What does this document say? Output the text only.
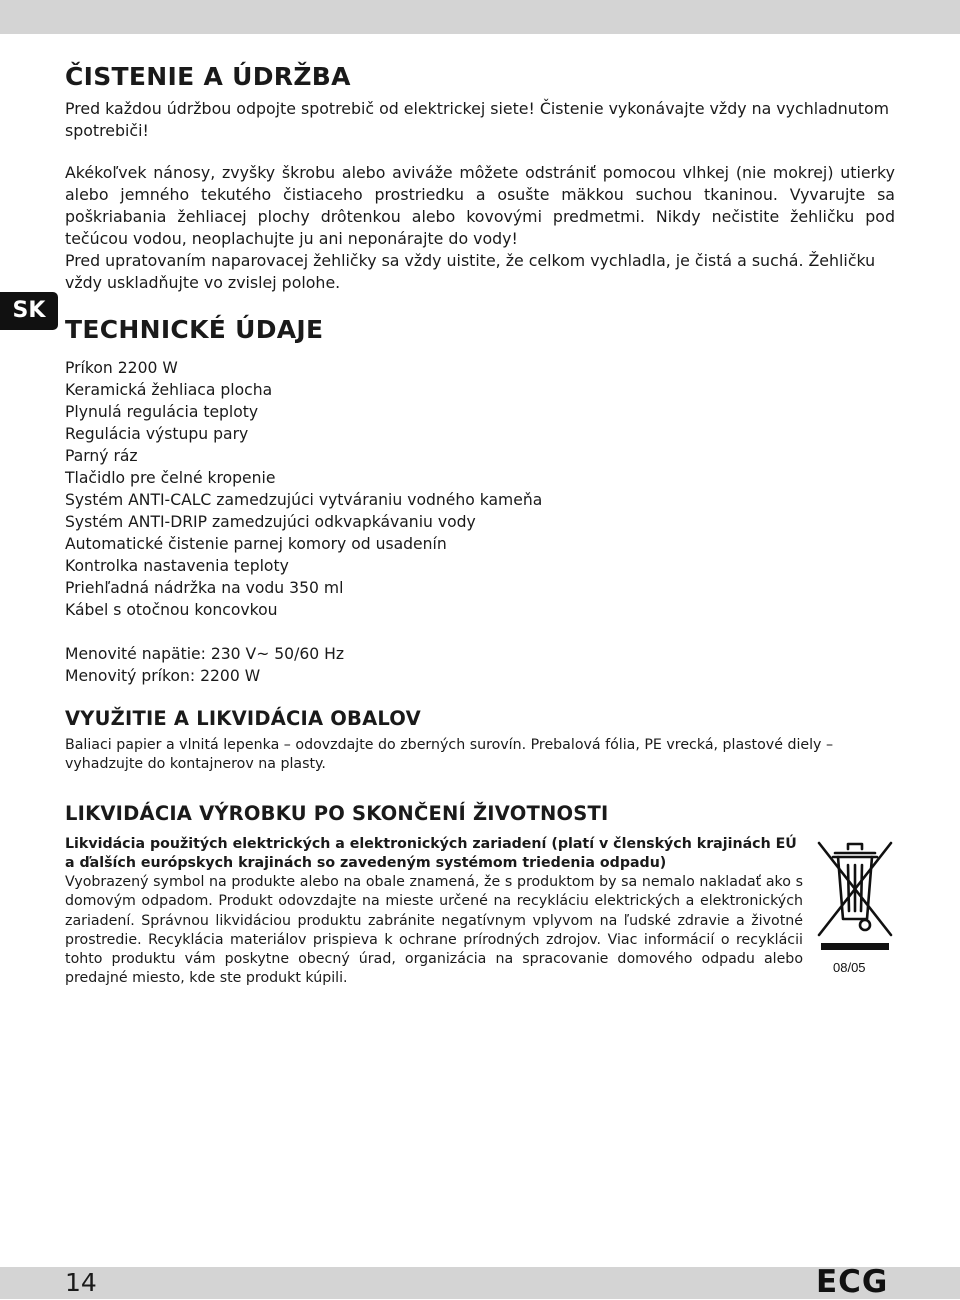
SK
ČISTENIE A ÚDRŽBA

Pred každou údržbou odpojte spotrebič od elektrickej siete! Čistenie vykonávajte vždy na vychladnutom spotrebiči!

Akékoľvek nánosy, zvyšky škrobu alebo aviváže môžete odstrániť pomocou vlhkej (nie mokrej) utierky alebo jemného tekutého čistiaceho prostriedku a osušte mäkkou suchou tkaninou. Vyvarujte sa poškriabania žehliacej plochy drôtenkou alebo kovovými predmetmi. Nikdy nečistite žehličku pod tečúcou vodou, neoplachujte ju ani neponárajte do vody!

Pred upratovaním naparovacej žehličky sa vždy uistite, že celkom vychladla, je čistá a suchá. Žehličku vždy uskladňujte vo zvislej polohe.

TECHNICKÉ ÚDAJE
Príkon 2200 W
Keramická žehliaca plocha
Plynulá regulácia teploty
Regulácia výstupu pary
Parný ráz
Tlačidlo pre čelné kropenie
Systém ANTI-CALC zamedzujúci vytváraniu vodného kameňa
Systém ANTI-DRIP zamedzujúci odkvapkávaniu vody
Automatické čistenie parnej komory od usadenín
Kontrolka nastavenia teploty
Priehľadná nádržka na vodu 350 ml
Kábel s otočnou koncovkou
Menovité napätie: 230 V~ 50/60 Hz
Menovitý príkon: 2200 W
VYUŽITIE A LIKVIDÁCIA OBALOV

Baliaci papier a vlnitá lepenka – odovzdajte do zberných surovín. Prebalová fólia, PE vrecká, plastové diely – vyhadzujte do kontajnerov na plasty.

LIKVIDÁCIA VÝROBKU PO SKONČENÍ ŽIVOTNOSTI

Likvidácia použitých elektrických a elektronických zariadení (platí v členských krajinách EÚ a ďalších európskych krajinách so zavedeným systémom triedenia odpadu)

Vyobrazený symbol na produkte alebo na obale znamená, že s produktom by sa nemalo nakladať ako s domovým odpadom. Produkt odovzdajte na mieste určené na recykláciu elektrických a elektronických zariadení. Správnou likvidáciou produktu zabránite negatívnym vplyvom na ľudské zdravie a životné prostredie. Recyklácia materiálov prispieva k ochrane prírodných zdrojov. Viac informácií o recyklácii tohto produktu vám poskytne obecný úrad, organizácia na spracovanie domového odpadu alebo predajné miesto, kde ste produkt kúpili.

08/05
14	ECG
